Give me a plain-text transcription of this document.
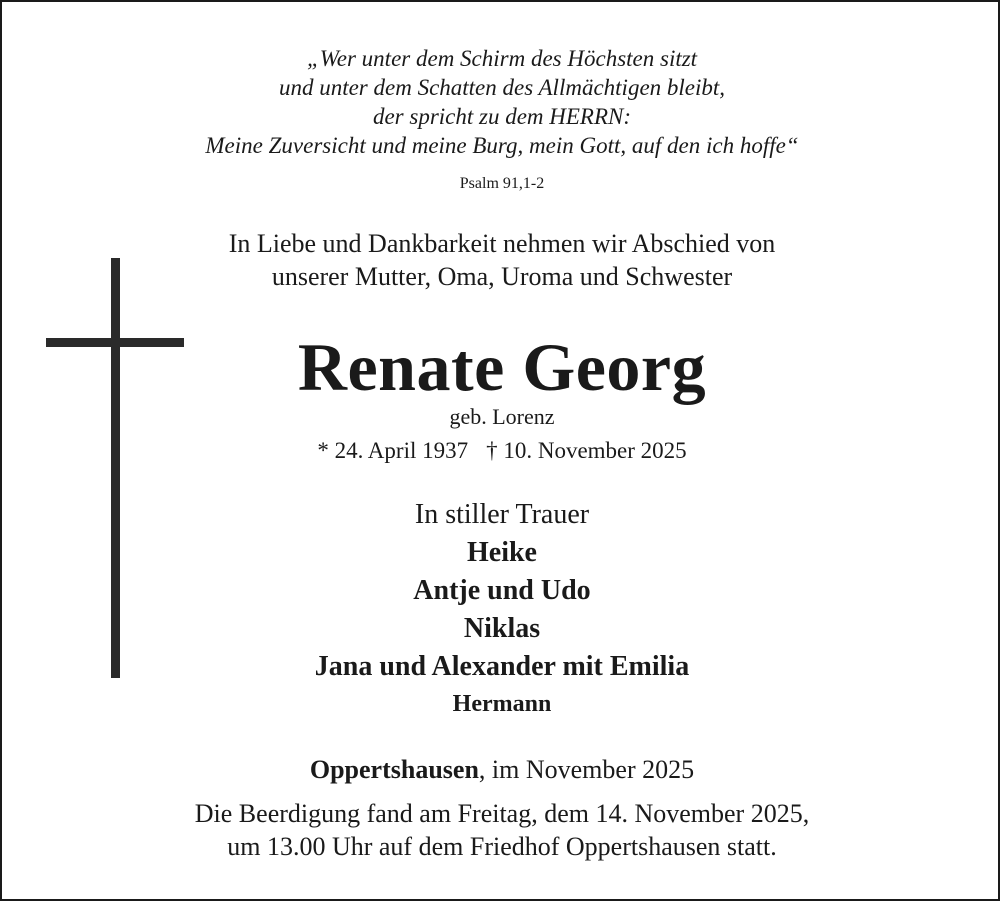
„Wer unter dem Schirm des Höchsten sitzt
und unter dem Schatten des Allmächtigen bleibt,
der spricht zu dem HERRN:
Meine Zuversicht und meine Burg, mein Gott, auf den ich hoffe“
Psalm 91,1-2
In Liebe und Dankbarkeit nehmen wir Abschied von
unserer Mutter, Oma, Uroma und Schwester
Renate Georg
geb. Lorenz
* 24. April 1937 † 10. November 2025
In stiller Trauer
Heike
Antje und Udo
Niklas
Jana und Alexander mit Emilia
Hermann
Oppertshausen, im November 2025
Die Beerdigung fand am Freitag, dem 14. November 2025,
um 13.00 Uhr auf dem Friedhof Oppertshausen statt.
